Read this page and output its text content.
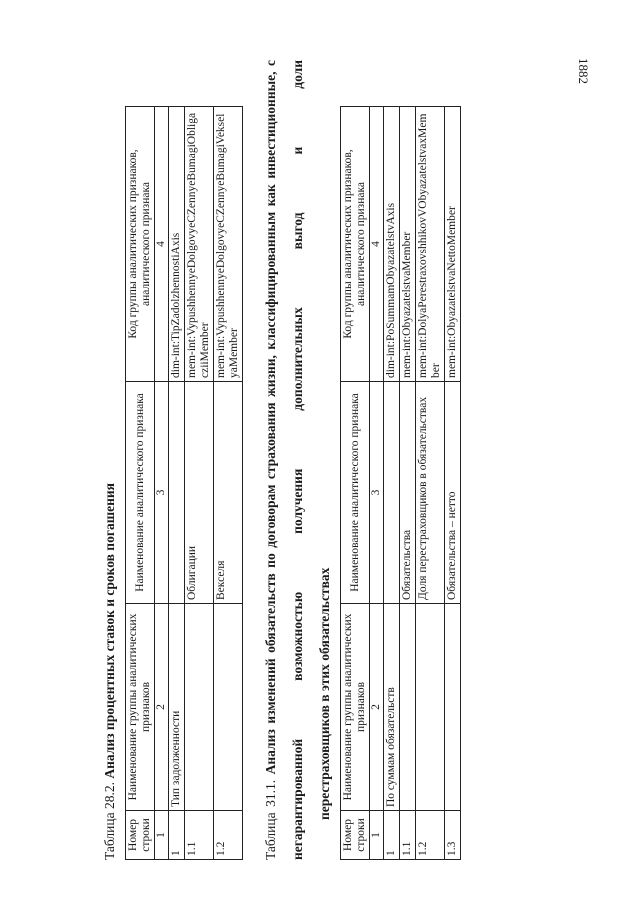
1882
Таблица 28.2. Анализ процентных ставок и сроков погашения
Номер строки	Наименование группы аналитических признаков	Наименование аналитического признака	Код группы аналитических признаков, аналитического признака
1	2	3	4
1	Тип задолженности		dim-int:TipZadolzhennostiAxis
1.1		Облигации	mem-int:VypushhennyeDolgovyeCZennyeBumagiObligacziiMember
1.2		Векселя	mem-int:VypushhennyeDolgovyeCZennyeBumagiVekselyaMember
Таблица 31.1. Анализ изменений обязательств по договорам страхования жизни, классифицированным как инвестиционные, с негарантированной возможностью получения дополнительных выгод и доли перестраховщиков в этих обязательствах
Номер строки	Наименование группы аналитических признаков	Наименование аналитического признака	Код группы аналитических признаков, аналитического признака
1	2	3	4
1	По суммам обязательств		dim-int:PoSummamObyazatelstvAxis
1.1		Обязательства	mem-int:ObyazatelstvaMember
1.2		Доля перестраховщиков в обязательствах	mem-int:DolyaPerestraxovshhikovVObyazatelstvaxMember
1.3		Обязательства – нетто	mem-int:ObyazatelstvaNettoMember
